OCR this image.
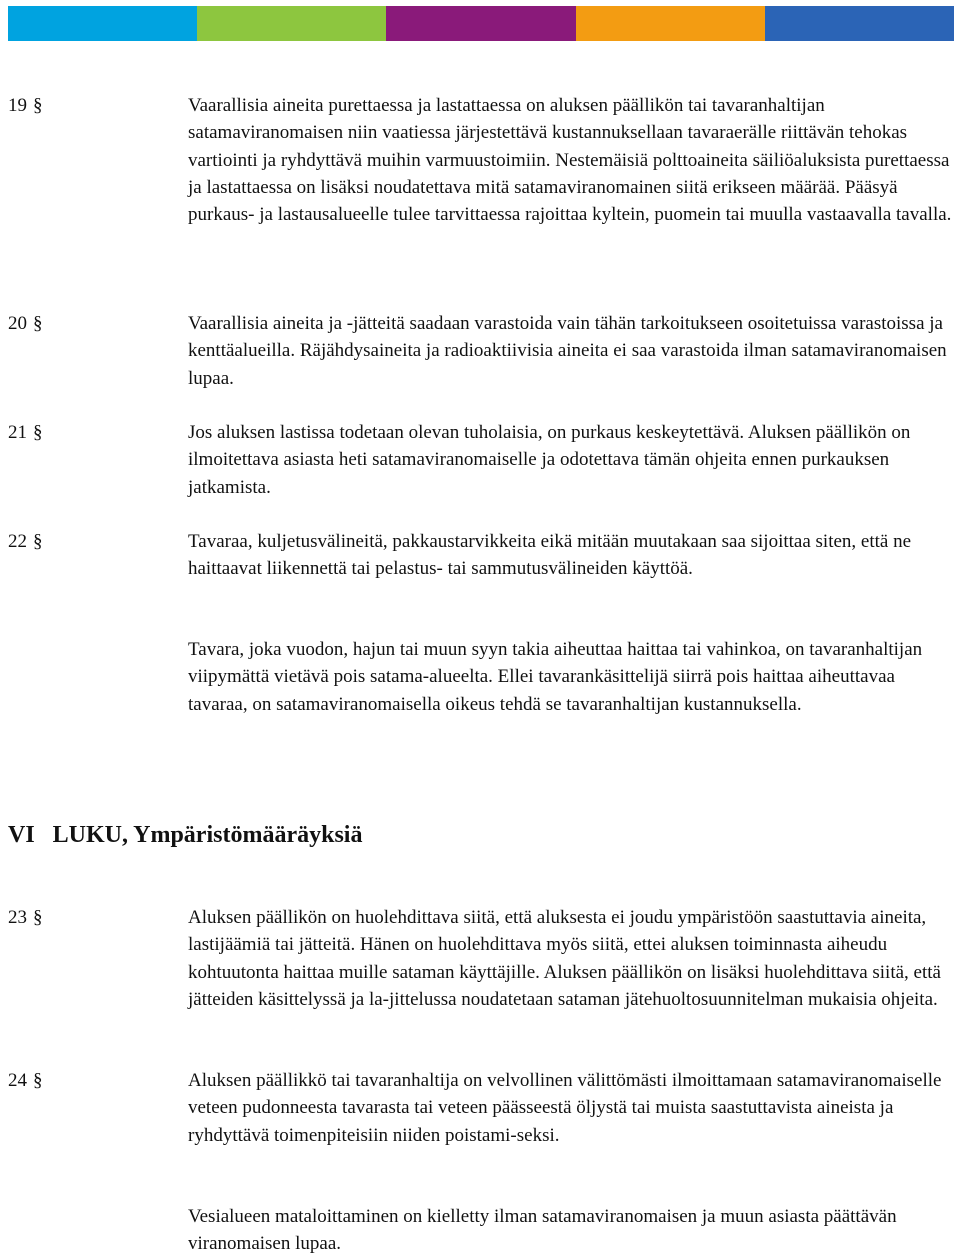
19 §	Vaarallisia aineita purettaessa ja lastattaessa on aluksen päällikön tai tavaranhaltijan satamaviranomaisen niin vaatiessa järjestettävä kustannuksellaan tavaraerälle riittävän tehokas vartiointi ja ryhdyttävä muihin varmuustoimiin. Nestemäisiä polttoaineita säiliöaluksista purettaessa ja lastattaessa on lisäksi noudatettava mitä satamaviranomainen siitä erikseen määrää. Pääsyä purkaus- ja lastausalueelle tulee tarvittaessa rajoittaa kyltein, puomein tai muulla vastaavalla tavalla.

20 §	Vaarallisia aineita ja -jätteitä saadaan varastoida vain tähän tarkoitukseen osoitetuissa varastoissa ja kenttäalueilla. Räjähdysaineita ja radioaktiivisia aineita ei saa varastoida ilman satamaviranomaisen lupaa.

21 §	Jos aluksen lastissa todetaan olevan tuholaisia, on purkaus keskeytettävä. Aluksen päällikön on ilmoitettava asiasta heti satamaviranomaiselle ja odotettava tämän ohjeita ennen purkauksen jatkamista.

22 §	Tavaraa, kuljetusvälineitä, pakkaustarvikkeita eikä mitään muutakaan saa sijoittaa siten, että ne haittaavat liikennettä tai pelastus- tai sammutusvälineiden käyttöä.

Tavara, joka vuodon, hajun tai muun syyn takia aiheuttaa haittaa tai vahinkoa, on tavaranhaltijan viipymättä vietävä pois satama-alueelta. Ellei tavarankäsittelijä siirrä pois haittaa aiheuttavaa tavaraa, on satamaviranomaisella oikeus tehdä se tavaranhaltijan kustannuksella.

VI LUKU, Ympäristömääräyksiä
23 §	Aluksen päällikön on huolehdittava siitä, että aluksesta ei joudu ympäristöön saastuttavia aineita, lastijäämiä tai jätteitä. Hänen on huolehdittava myös siitä, ettei aluksen toiminnasta aiheudu kohtuutonta haittaa muille sataman käyttäjille. Aluksen päällikön on lisäksi huolehdittava siitä, että jätteiden käsittelyssä ja la-jittelussa noudatetaan sataman jätehuoltosuunnitelman mukaisia ohjeita.

24 §	Aluksen päällikkö tai tavaranhaltija on velvollinen välittömästi ilmoittamaan satamaviranomaiselle veteen pudonneesta tavarasta tai veteen päässeestä öljystä tai muista saastuttavista aineista ja ryhdyttävä toimenpiteisiin niiden poistami-seksi.

Vesialueen mataloittaminen on kielletty ilman satamaviranomaisen ja muun asiasta päättävän viranomaisen lupaa.
